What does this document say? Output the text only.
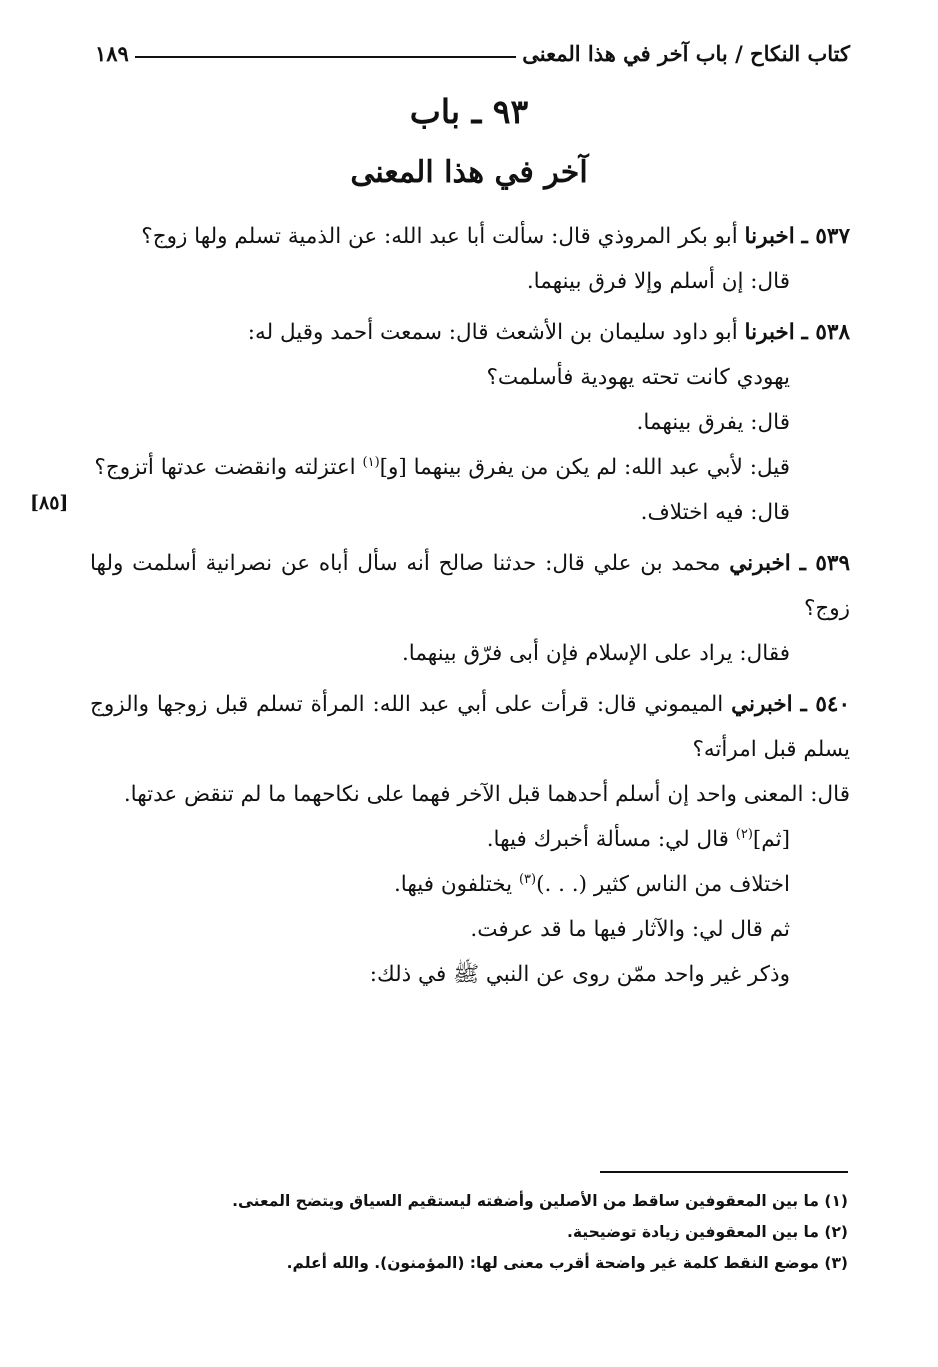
كتاب النكاح / باب آخر في هذا المعنى
١٨٩
٩٣ ـ باب
آخر في هذا المعنى
[٨٥]

٥٣٧ ـ اخبرنا أبو بكر المروذي قال: سألت أبا عبد الله: عن الذمية تسلم ولها زوج؟

قال: إن أسلم وإلا فرق بينهما.

٥٣٨ ـ اخبرنا أبو داود سليمان بن الأشعث قال: سمعت أحمد وقيل له:

يهودي كانت تحته يهودية فأسلمت؟

قال: يفرق بينهما.

قيل: لأبي عبد الله: لم يكن من يفرق بينهما [و]$^{(١)}$ اعتزلته وانقضت عدتها أتزوج؟

قال: فيه اختلاف.

٥٣٩ ـ اخبرني محمد بن علي قال: حدثنا صالح أنه سأل أباه عن نصرانية أسلمت ولها زوج؟

فقال: يراد على الإسلام فإن أبى فرّق بينهما.

٥٤٠ ـ اخبرني الميموني قال: قرأت على أبي عبد الله: المرأة تسلم قبل زوجها والزوج يسلم قبل امرأته؟

قال: المعنى واحد إن أسلم أحدهما قبل الآخر فهما على نكاحهما ما لم تنقض عدتها.

[ثم]$^{(٢)}$ قال لي: مسألة أخبرك فيها.

اختلاف من الناس كثير (. . .)$^{(٣)}$ يختلفون فيها.

ثم قال لي: والآثار فيها ما قد عرفت.

وذكر غير واحد ممّن روى عن النبي ﷺ في ذلك:

(١) ما بين المعقوفين ساقط من الأصلين وأضفته ليستقيم السياق ويتضح المعنى.

(٢) ما بين المعقوفين زيادة توضيحية.

(٣) موضع النقط كلمة غير واضحة أقرب معنى لها: (المؤمنون). والله أعلم.
